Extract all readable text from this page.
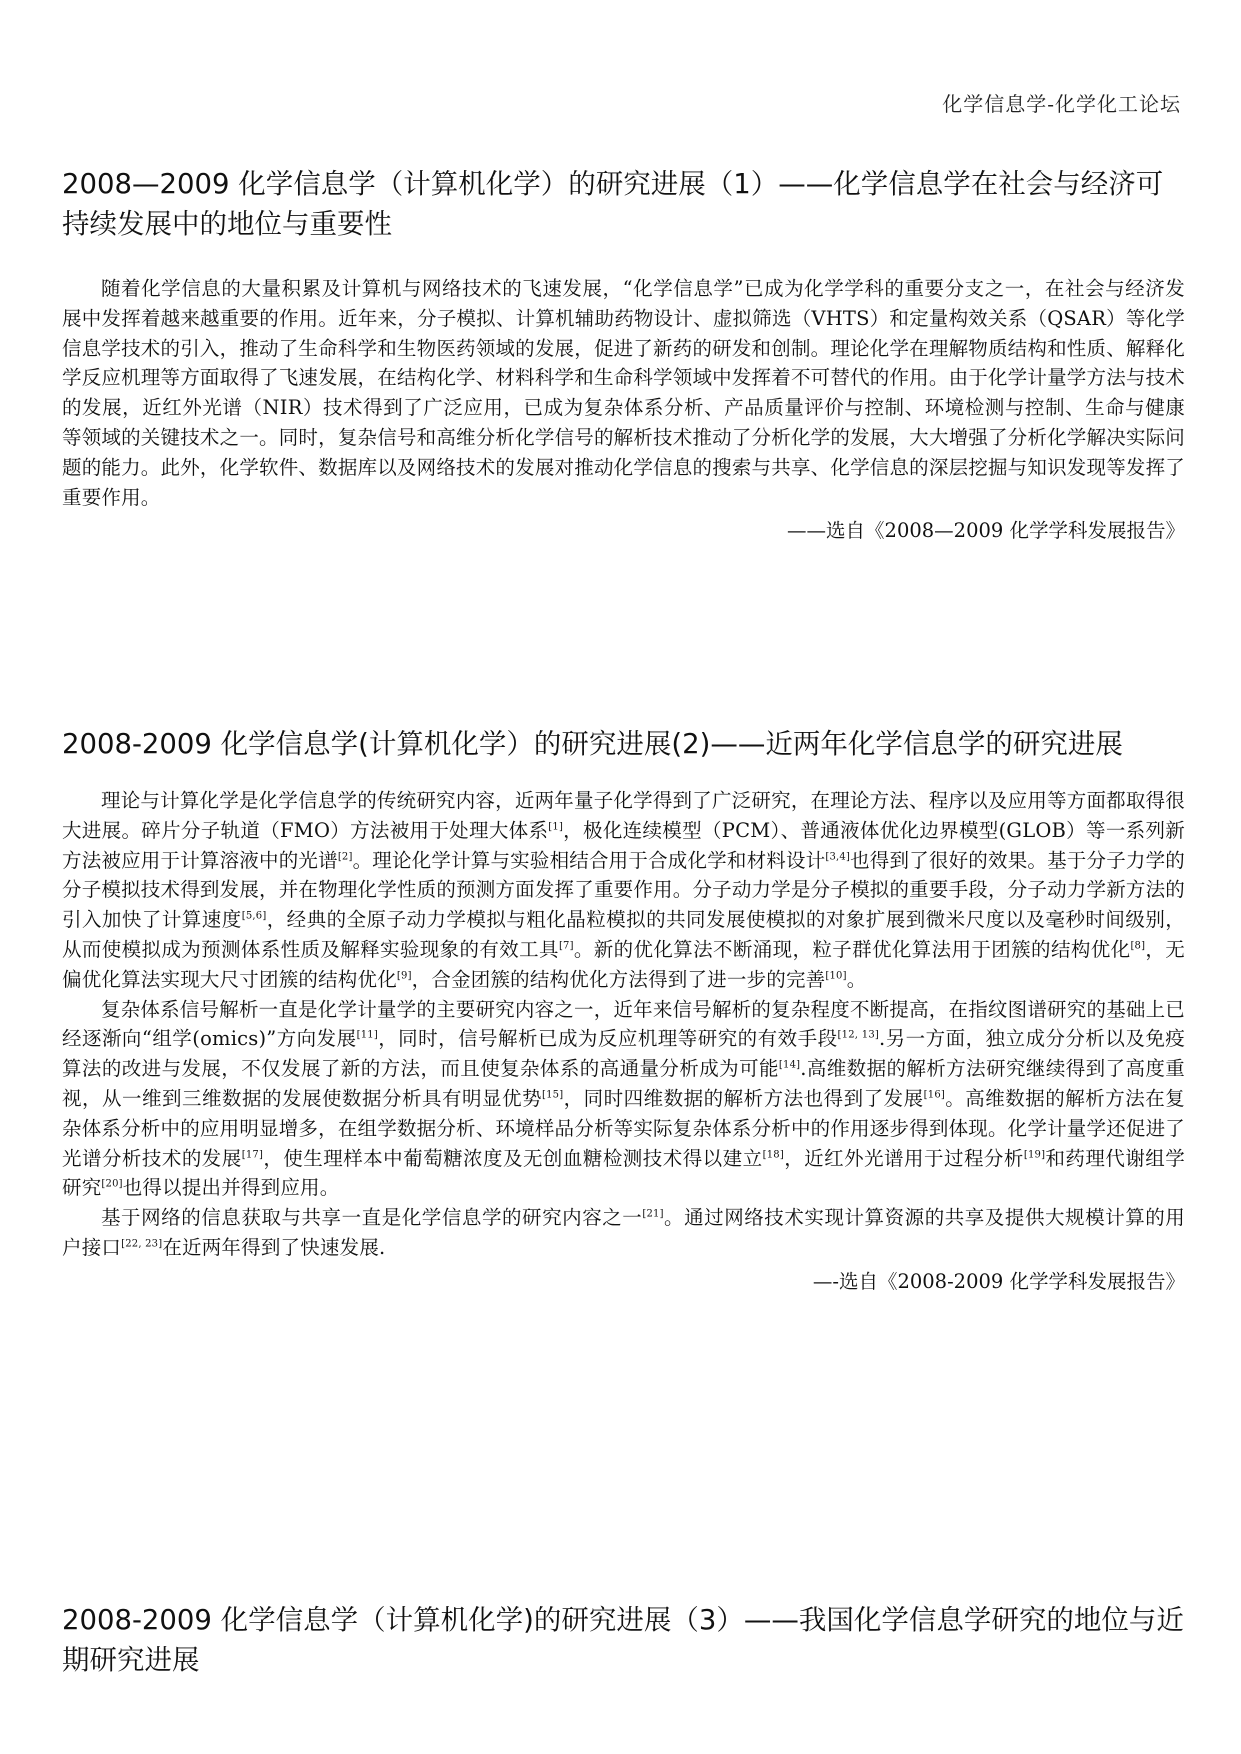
化学信息学-化学化工论坛
2008—2009 化学信息学（计算机化学）的研究进展（1）——化学信息学在社会与经济可持续发展中的地位与重要性

随着化学信息的大量积累及计算机与网络技术的飞速发展，“化学信息学”已成为化学学科的重要分支之一，在社会与经济发展中发挥着越来越重要的作用。近年来，分子模拟、计算机辅助药物设计、虚拟筛选（VHTS）和定量构效关系（QSAR）等化学信息学技术的引入，推动了生命科学和生物医药领域的发展，促进了新药的研发和创制。理论化学在理解物质结构和性质、解释化学反应机理等方面取得了飞速发展，在结构化学、材料科学和生命科学领域中发挥着不可替代的作用。由于化学计量学方法与技术的发展，近红外光谱（NIR）技术得到了广泛应用，已成为复杂体系分析、产品质量评价与控制、环境检测与控制、生命与健康等领域的关键技术之一。同时，复杂信号和高维分析化学信号的解析技术推动了分析化学的发展，大大增强了分析化学解决实际问题的能力。此外，化学软件、数据库以及网络技术的发展对推动化学信息的搜索与共享、化学信息的深层挖掘与知识发现等发挥了重要作用。

——选自《2008—2009 化学学科发展报告》

2008-2009 化学信息学(计算机化学）的研究进展(2)——近两年化学信息学的研究进展

理论与计算化学是化学信息学的传统研究内容，近两年量子化学得到了广泛研究，在理论方法、程序以及应用等方面都取得很大进展。碎片分子轨道（FMO）方法被用于处理大体系[1]，极化连续模型（PCM）、普通液体优化边界模型(GLOB）等一系列新方法被应用于计算溶液中的光谱[2]。理论化学计算与实验相结合用于合成化学和材料设计[3,4]也得到了很好的效果。基于分子力学的分子模拟技术得到发展，并在物理化学性质的预测方面发挥了重要作用。分子动力学是分子模拟的重要手段，分子动力学新方法的引入加快了计算速度[5,6]，经典的全原子动力学模拟与粗化晶粒模拟的共同发展使模拟的对象扩展到微米尺度以及毫秒时间级别，从而使模拟成为预测体系性质及解释实验现象的有效工具[7]。新的优化算法不断涌现，粒子群优化算法用于团簇的结构优化[8]，无偏优化算法实现大尺寸团簇的结构优化[9]，合金团簇的结构优化方法得到了进一步的完善[10]。

复杂体系信号解析一直是化学计量学的主要研究内容之一，近年来信号解析的复杂程度不断提高，在指纹图谱研究的基础上已经逐渐向“组学(omics)”方向发展[11]，同时，信号解析已成为反应机理等研究的有效手段[12, 13].另一方面，独立成分分析以及免疫算法的改进与发展，不仅发展了新的方法，而且使复杂体系的高通量分析成为可能[14].高维数据的解析方法研究继续得到了高度重视，从一维到三维数据的发展使数据分析具有明显优势[15]，同时四维数据的解析方法也得到了发展[16]。高维数据的解析方法在复杂体系分析中的应用明显增多，在组学数据分析、环境样品分析等实际复杂体系分析中的作用逐步得到体现。化学计量学还促进了光谱分析技术的发展[17]，使生理样本中葡萄糖浓度及无创血糖检测技术得以建立[18]，近红外光谱用于过程分析[19]和药理代谢组学研究[20]也得以提出并得到应用。

基于网络的信息获取与共享一直是化学信息学的研究内容之一[21]。通过网络技术实现计算资源的共享及提供大规模计算的用户接口[22, 23]在近两年得到了快速发展.

—-选自《2008-2009 化学学科发展报告》

2008-2009 化学信息学（计算机化学)的研究进展（3）——我国化学信息学研究的地位与近期研究进展
